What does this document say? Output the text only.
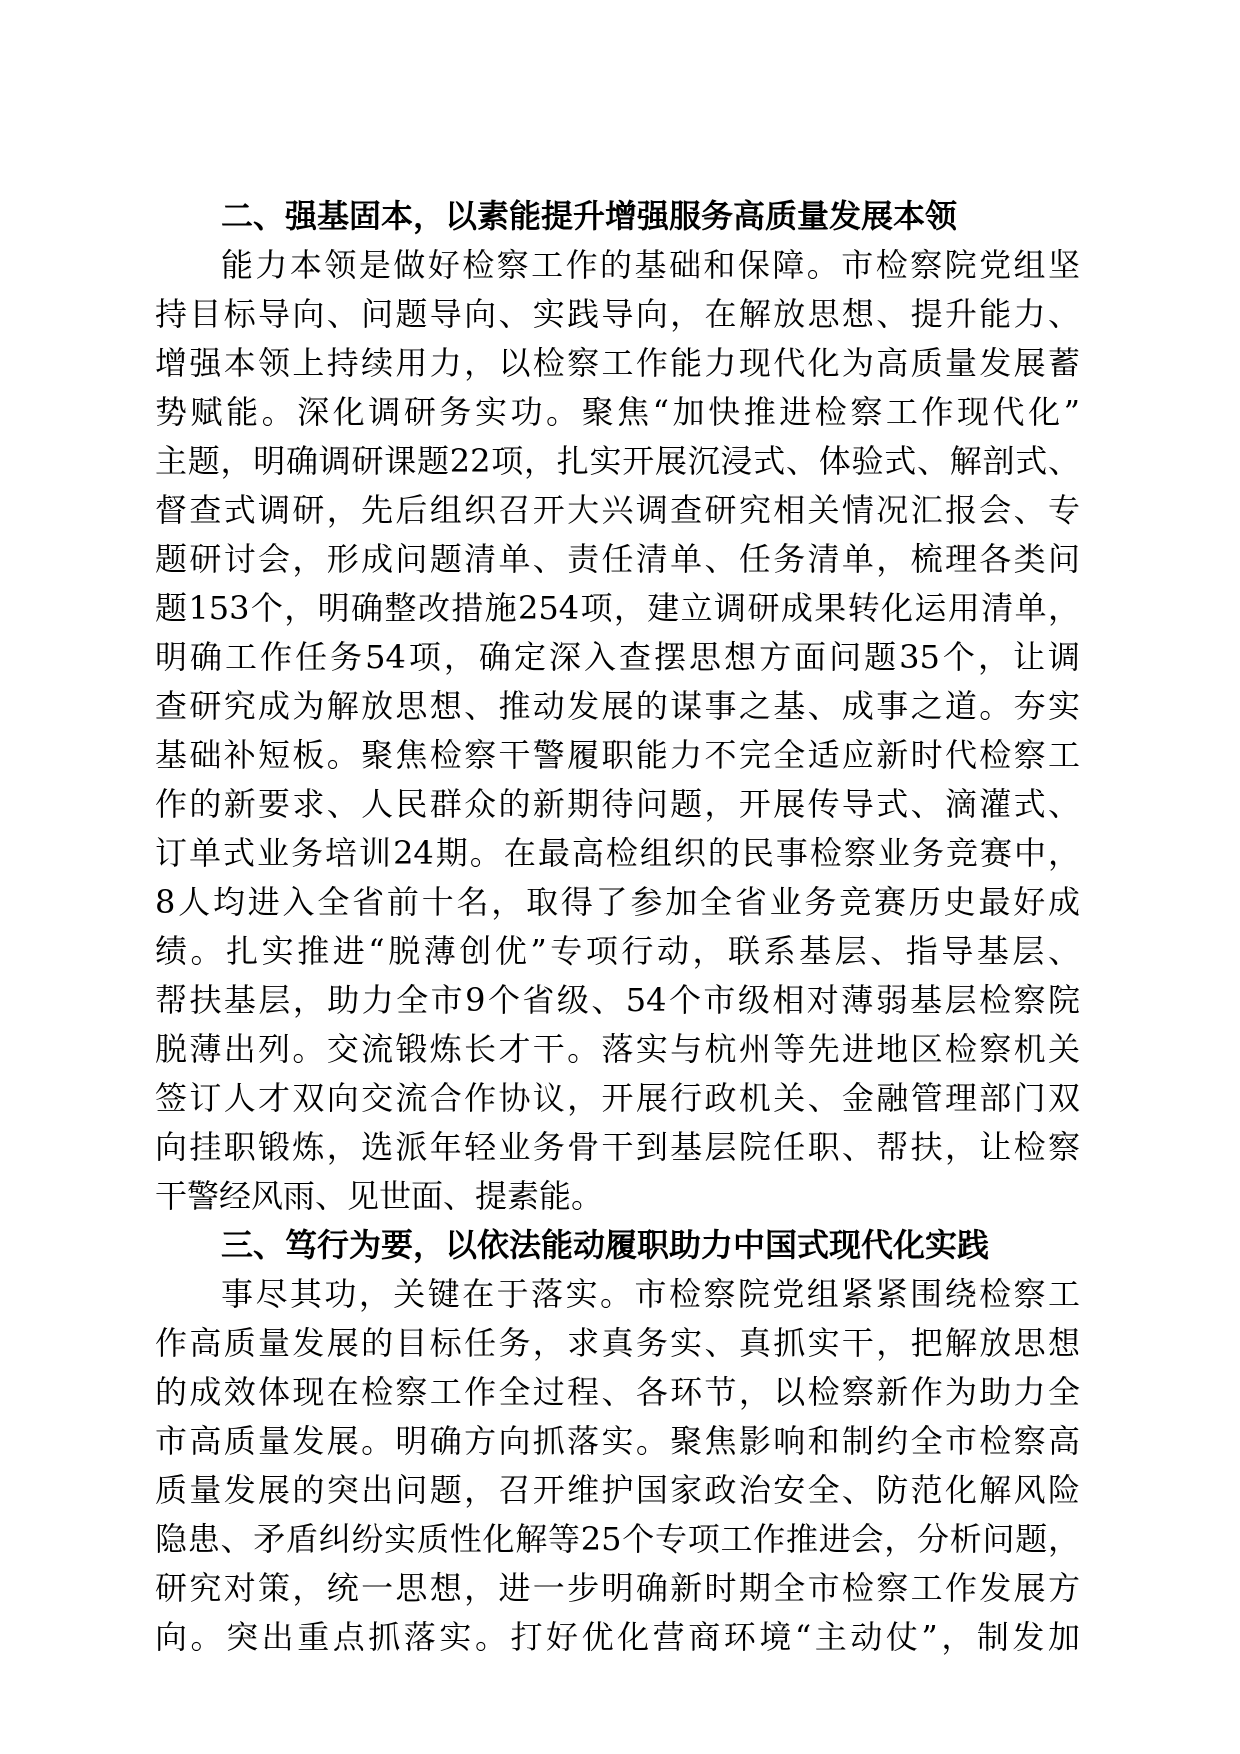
二、强基固本，以素能提升增强服务高质量发展本领
能力本领是做好检察工作的基础和保障。市检察院党组坚
持目标导向、问题导向、实践导向，在解放思想、提升能力、
增强本领上持续用力，以检察工作能力现代化为高质量发展蓄
势赋能。深化调研务实功。聚焦“加快推进检察工作现代化”
主题，明确调研课题22项，扎实开展沉浸式、体验式、解剖式、
督查式调研，先后组织召开大兴调查研究相关情况汇报会、专
题研讨会，形成问题清单、责任清单、任务清单，梳理各类问
题153个，明确整改措施254项，建立调研成果转化运用清单，
明确工作任务54项，确定深入查摆思想方面问题35个，让调
查研究成为解放思想、推动发展的谋事之基、成事之道。夯实
基础补短板。聚焦检察干警履职能力不完全适应新时代检察工
作的新要求、人民群众的新期待问题，开展传导式、滴灌式、
订单式业务培训24期。在最高检组织的民事检察业务竞赛中，
8人均进入全省前十名，取得了参加全省业务竞赛历史最好成
绩。扎实推进“脱薄创优”专项行动，联系基层、指导基层、
帮扶基层，助力全市9个省级、54个市级相对薄弱基层检察院
脱薄出列。交流锻炼长才干。落实与杭州等先进地区检察机关
签订人才双向交流合作协议，开展行政机关、金融管理部门双
向挂职锻炼，选派年轻业务骨干到基层院任职、帮扶，让检察
干警经风雨、见世面、提素能。
三、笃行为要，以依法能动履职助力中国式现代化实践
事尽其功，关键在于落实。市检察院党组紧紧围绕检察工
作高质量发展的目标任务，求真务实、真抓实干，把解放思想
的成效体现在检察工作全过程、各环节，以检察新作为助力全
市高质量发展。明确方向抓落实。聚焦影响和制约全市检察高
质量发展的突出问题，召开维护国家政治安全、防范化解风险
隐患、矛盾纠纷实质性化解等25个专项工作推进会，分析问题，
研究对策，统一思想，进一步明确新时期全市检察工作发展方
向。突出重点抓落实。打好优化营商环境“主动仗”，制发加
